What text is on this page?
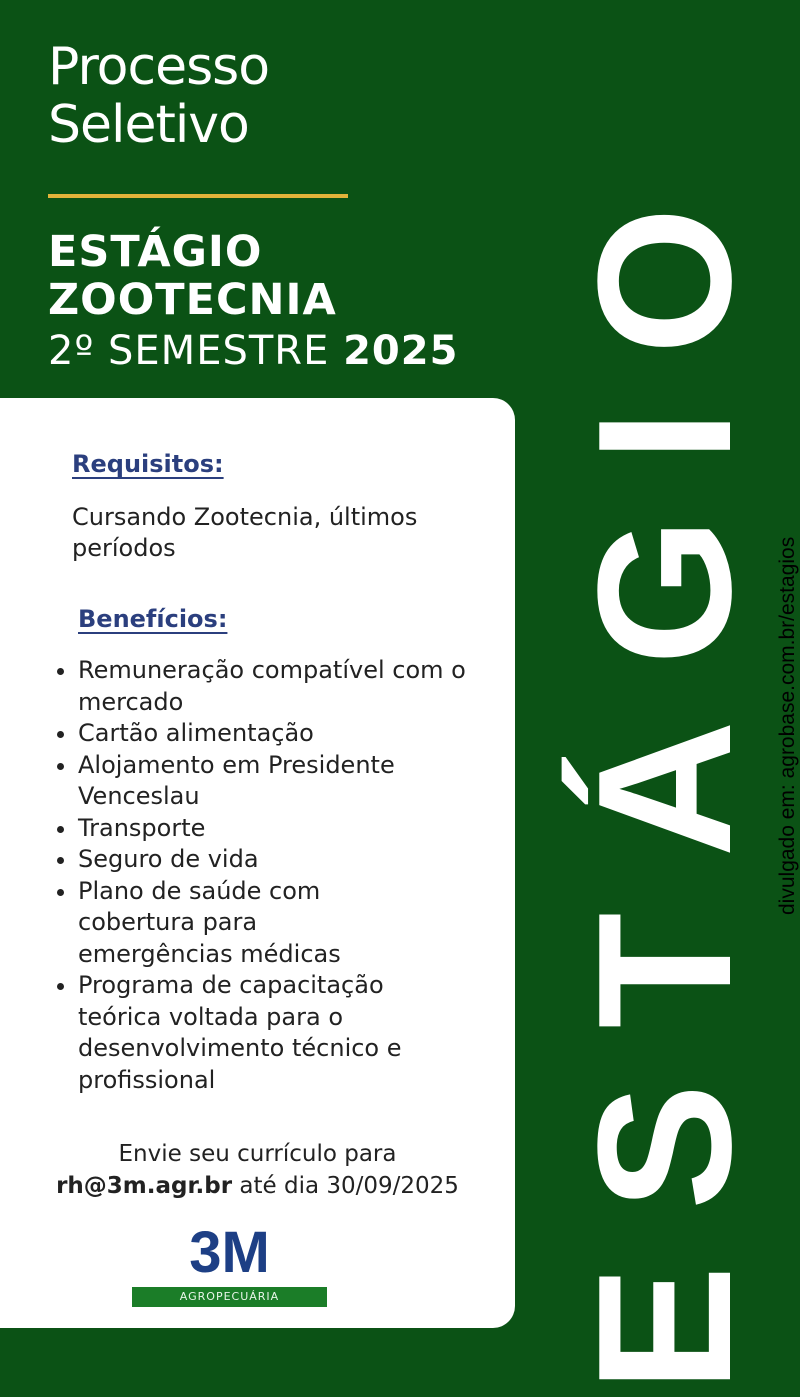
ESTÁGIO
Processo
Seletivo
ESTÁGIO
ZOOTECNIA
2º SEMESTRE 2025
Requisitos:
Cursando Zootecnia, últimos períodos
Benefícios:
• Remuneração compatível com o mercado
• Cartão alimentação
• Alojamento em Presidente Venceslau
• Transporte
• Seguro de vida
• Plano de saúde com cobertura para emergências médicas
• Programa de capacitação teórica voltada para o desenvolvimento técnico e profissional
Envie seu currículo para
rh@3m.agr.br até dia 30/09/2025
3M
AGROPECUÁRIA
divulgado em: agrobase.com.br/estagios
